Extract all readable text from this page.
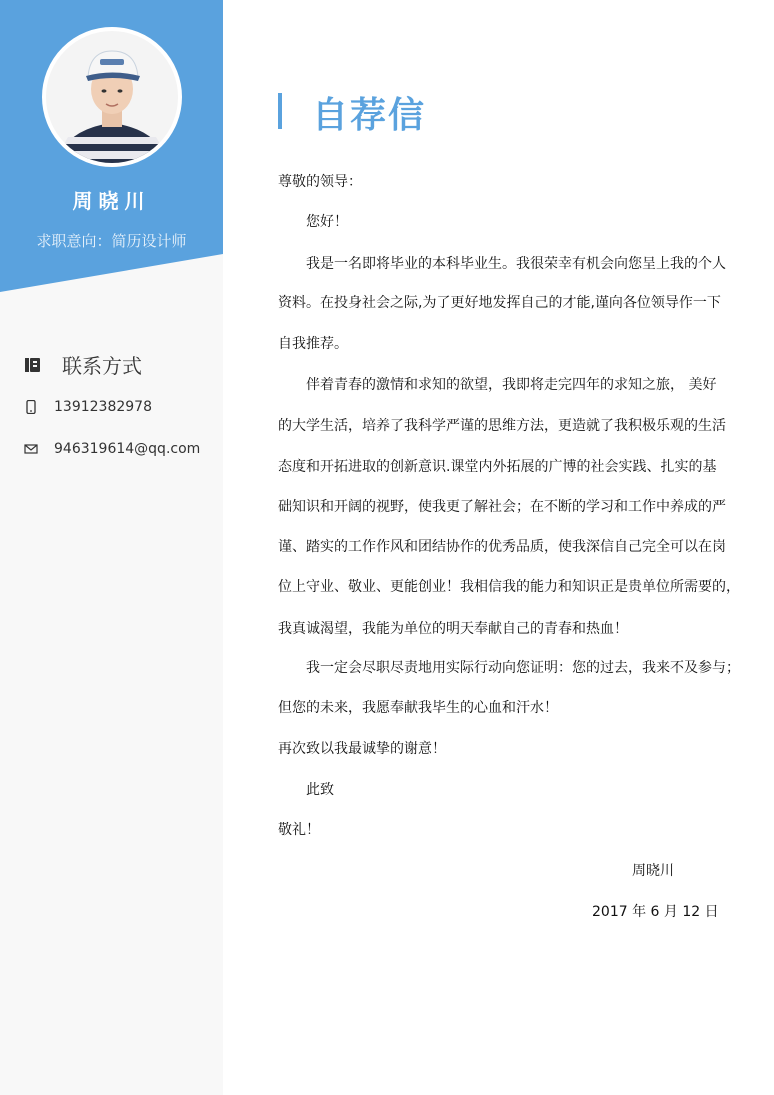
周晓川
求职意向：简历设计师
联系方式
13912382978
946319614@qq.com
自荐信
尊敬的领导：
您好！
我是一名即将毕业的本科毕业生。我很荣幸有机会向您呈上我的个人
资料。在投身社会之际,为了更好地发挥自己的才能,谨向各位领导作一下
自我推荐。
伴着青春的激情和求知的欲望，我即将走完四年的求知之旅， 美好
的大学生活，培养了我科学严谨的思维方法，更造就了我积极乐观的生活
态度和开拓进取的创新意识.课堂内外拓展的广博的社会实践、扎实的基
础知识和开阔的视野，使我更了解社会；在不断的学习和工作中养成的严
谨、踏实的工作作风和团结协作的优秀品质，使我深信自己完全可以在岗
位上守业、敬业、更能创业！我相信我的能力和知识正是贵单位所需要的，
我真诚渴望，我能为单位的明天奉献自己的青春和热血！
我一定会尽职尽责地用实际行动向您证明：您的过去，我来不及参与；
但您的未来，我愿奉献我毕生的心血和汗水！
再次致以我最诚挚的谢意！
此致
敬礼！
周晓川
2017 年 6 月 12 日
